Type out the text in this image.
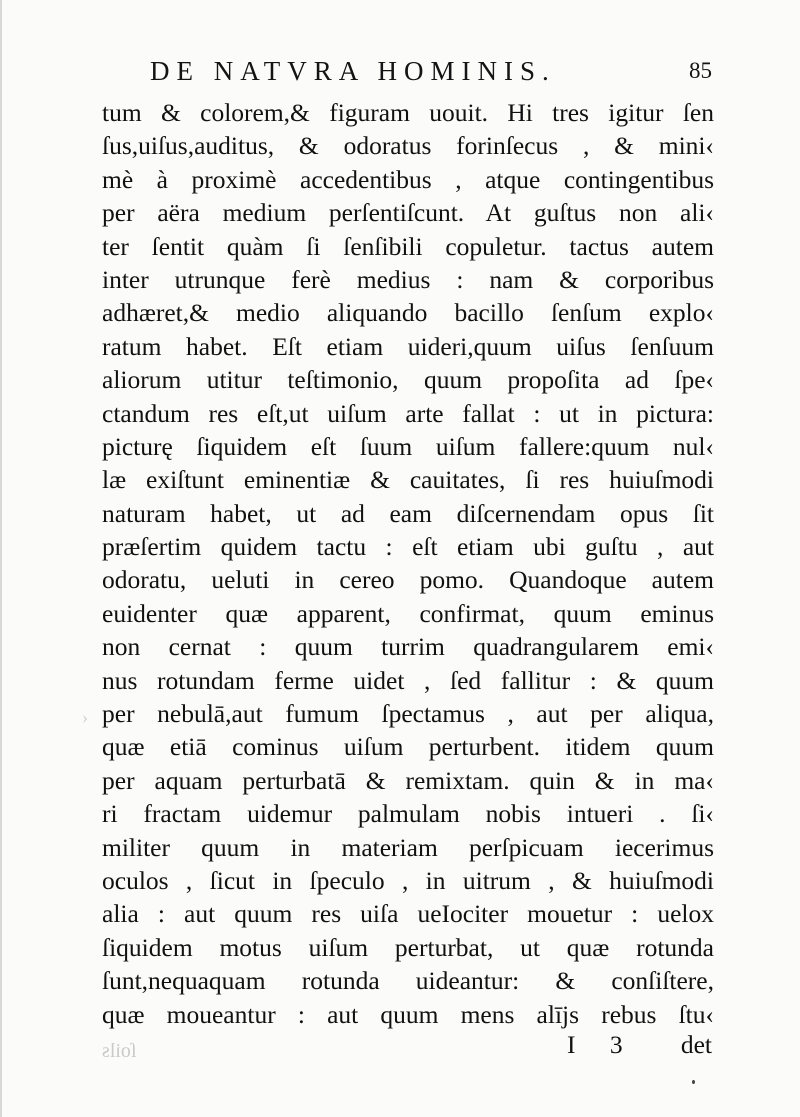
DE NATVRA HOMINIS.	85
tum & colorem,& figuram uouit. Hi tres igitur ſen
ſus,uiſus,auditus, & odoratus forinſecus , & mini‹
mè à proximè accedentibus , atque contingentibus
per aëra medium perſentiſcunt. At guſtus non ali‹
ter ſentit quàm ſi ſenſibili copuletur. tactus autem
inter utrunque ferè medius : nam & corporibus
adhæret,& medio aliquando bacillo ſenſum explo‹
ratum habet. Eſt etiam uideri,quum uiſus ſenſuum
aliorum utitur teſtimonio, quum propoſita ad ſpe‹
ctandum res eſt,ut uiſum arte fallat : ut in pictura:
picturę ſiquidem eſt ſuum uiſum fallere:quum nul‹
læ exiſtunt eminentiæ & cauitates, ſi res huiuſmodi
naturam habet, ut ad eam diſcernendam opus ſit
præſertim quidem tactu : eſt etiam ubi guſtu , aut
odoratu, ueluti in cereo pomo. Quandoque autem
euidenter quæ apparent, confirmat, quum eminus
non cernat : quum turrim quadrangularem emi‹
nus rotundam ferme uidet , ſed fallitur : & quum
per nebulā,aut fumum ſpectamus , aut per aliqua,
quæ etiā cominus uiſum perturbent. itidem quum
per aquam perturbatā & remixtam. quin & in ma‹
ri fractam uidemur palmulam nobis intueri . ſi‹
militer quum in materiam perſpicuam iecerimus
oculos , ſicut in ſpeculo , in uitrum , & huiuſmodi
alia : aut quum res uiſa ueIociter mouetur : uelox
ſiquidem motus uiſum perturbat, ut quæ rotunda
ſunt,nequaquam rotunda uideantur: & conſiſtere,
quæ moueantur : aut quum mens alījs rebus ſtu‹
›
ſoils	I 3 det
